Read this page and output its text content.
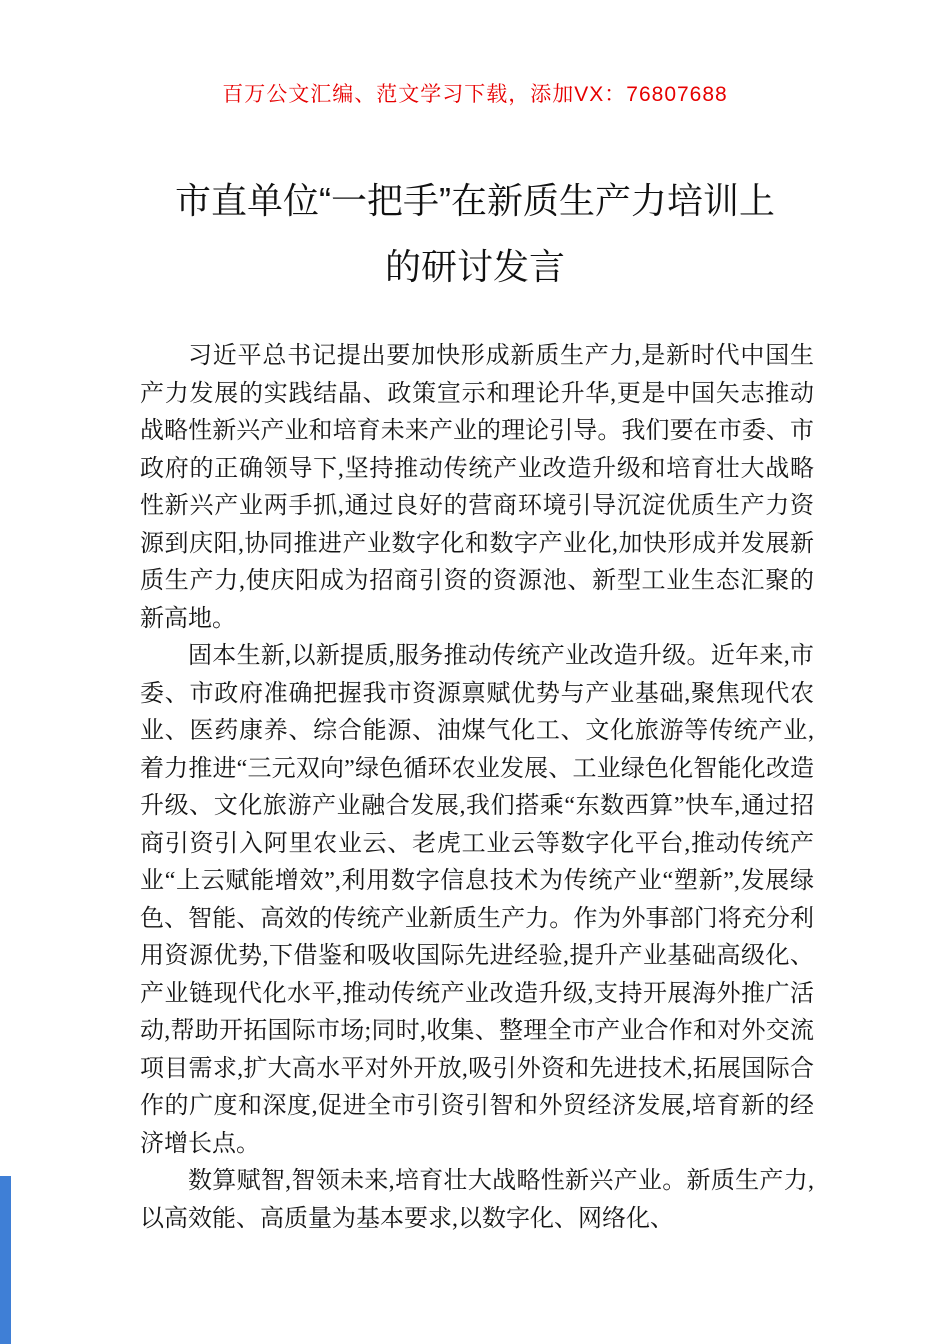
百万公文汇编、范文学习下载，添加VX：76807688
市直单位“一把手”在新质生产力培训上
的研讨发言

习近平总书记提出要加快形成新质生产力,是新时代中国生产力发展的实践结晶、政策宣示和理论升华,更是中国矢志推动战略性新兴产业和培育未来产业的理论引导。我们要在市委、市政府的正确领导下,坚持推动传统产业改造升级和培育壮大战略性新兴产业两手抓,通过良好的营商环境引导沉淀优质生产力资源到庆阳,协同推进产业数字化和数字产业化,加快形成并发展新质生产力,使庆阳成为招商引资的资源池、新型工业生态汇聚的新高地。

固本生新,以新提质,服务推动传统产业改造升级。近年来,市委、市政府准确把握我市资源禀赋优势与产业基础,聚焦现代农业、医药康养、综合能源、油煤气化工、文化旅游等传统产业,着力推进“三元双向”绿色循环农业发展、工业绿色化智能化改造升级、文化旅游产业融合发展,我们搭乘“东数西算”快车,通过招商引资引入阿里农业云、老虎工业云等数字化平台,推动传统产业“上云赋能增效”,利用数字信息技术为传统产业“塑新”,发展绿色、智能、高效的传统产业新质生产力。作为外事部门将充分利用资源优势,下借鉴和吸收国际先进经验,提升产业基础高级化、产业链现代化水平,推动传统产业改造升级,支持开展海外推广活动,帮助开拓国际市场;同时,收集、整理全市产业合作和对外交流项目需求,扩大高水平对外开放,吸引外资和先进技术,拓展国际合作的广度和深度,促进全市引资引智和外贸经济发展,培育新的经济增长点。

数算赋智,智领未来,培育壮大战略性新兴产业。新质生产力,以高效能、高质量为基本要求,以数字化、网络化、
